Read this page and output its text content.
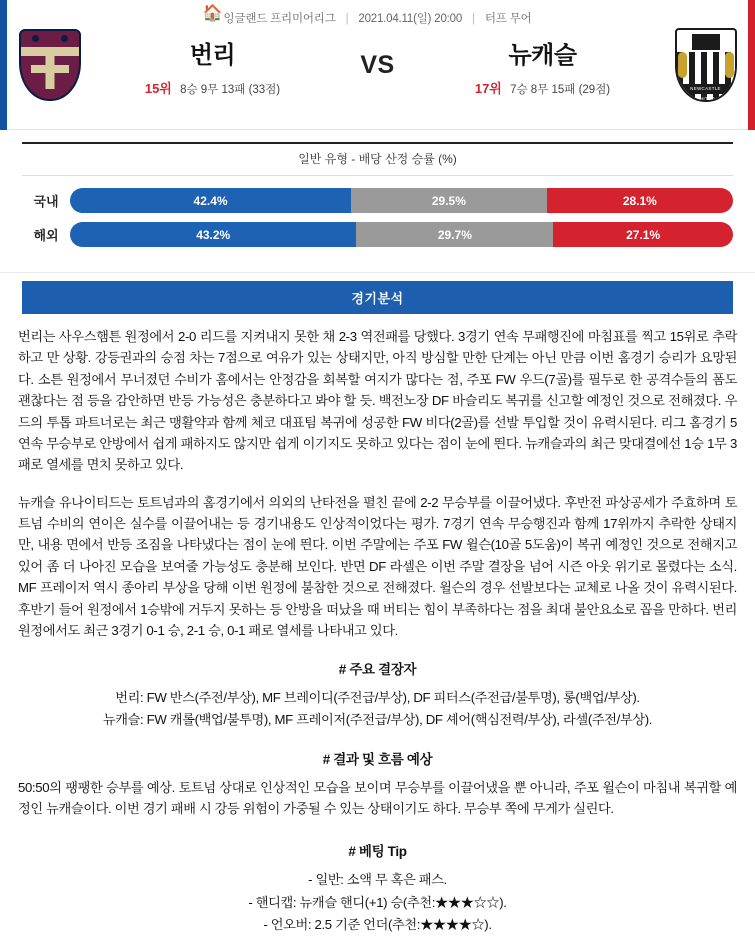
잉글랜드 프리미어리그 | 2021.04.11(일) 20:00 | 터프 무어
🏠
번리
15위 8승 9무 13패 (33점)
VS	뉴캐슬
17위 7승 8무 15패 (29점)	NEWCASTLE UNITED
일반 유형 - 배당 산정 승률 (%)
국내	42.4%	29.5%	28.1%
해외	43.2%	29.7%	27.1%
경기분석

번리는 사우스햄튼 원정에서 2-0 리드를 지켜내지 못한 채 2-3 역전패를 당했다. 3경기 연속 무패행진에 마침표를 찍고 15위로 추락하고 만 상황. 강등권과의 승점 차는 7점으로 여유가 있는 상태지만, 아직 방심할 만한 단계는 아닌 만큼 이번 홈경기 승리가 요망된다. 소튼 원정에서 무너졌던 수비가 홈에서는 안정감을 회복할 여지가 많다는 점, 주포 FW 우드(7골)를 필두로 한 공격수들의 폼도 괜찮다는 점 등을 감안하면 반등 가능성은 충분하다고 봐야 할 듯. 백전노장 DF 바슬리도 복귀를 신고할 예정인 것으로 전해졌다. 우드의 투톱 파트너로는 최근 맹활약과 함께 체코 대표팀 복귀에 성공한 FW 비다(2골)를 선발 투입할 것이 유력시된다. 리그 홈경기 5연속 무승부로 안방에서 쉽게 패하지도 않지만 쉽게 이기지도 못하고 있다는 점이 눈에 띈다. 뉴캐슬과의 최근 맞대결에선 1승 1무 3패로 열세를 면치 못하고 있다.

뉴캐슬 유나이티드는 토트넘과의 홈경기에서 의외의 난타전을 펼친 끝에 2-2 무승부를 이끌어냈다. 후반전 파상공세가 주효하며 토트넘 수비의 연이은 실수를 이끌어내는 등 경기내용도 인상적이었다는 평가. 7경기 연속 무승행진과 함께 17위까지 추락한 상태지만, 내용 면에서 반등 조짐을 나타냈다는 점이 눈에 띈다. 이번 주말에는 주포 FW 윌슨(10골 5도움)이 복귀 예정인 것으로 전해지고 있어 좀 더 나아진 모습을 보여줄 가능성도 충분해 보인다. 반면 DF 라셀은 이번 주말 결장을 넘어 시즌 아웃 위기로 몰렸다는 소식. MF 프레이저 역시 종아리 부상을 당해 이번 원정에 불참한 것으로 전해졌다. 윌슨의 경우 선발보다는 교체로 나올 것이 유력시된다. 후반기 들어 원정에서 1승밖에 거두지 못하는 등 안방을 떠났을 때 버티는 힘이 부족하다는 점을 최대 불안요소로 꼽을 만하다. 번리 원정에서도 최근 3경기 0-1 승, 2-1 승, 0-1 패로 열세를 나타내고 있다.

# 주요 결장자

번리: FW 반스(주전/부상), MF 브레이디(주전급/부상), DF 피터스(주전급/불투명), 롱(백업/부상).

뉴캐슬: FW 캐롤(백업/불투명), MF 프레이저(주전급/부상), DF 셰어(핵심전력/부상), 라셀(주전/부상).

# 결과 및 흐름 예상

50:50의 팽팽한 승부를 예상. 토트넘 상대로 인상적인 모습을 보이며 무승부를 이끌어냈을 뿐 아니라, 주포 윌슨이 마침내 복귀할 예정인 뉴캐슬이다. 이번 경기 패배 시 강등 위험이 가중될 수 있는 상태이기도 하다. 무승부 쪽에 무게가 실린다.

# 베팅 Tip

- 일반: 소액 무 혹은 패스.

- 핸디캡: 뉴캐슬 핸디(+1) 승(추천:★★★☆☆).

- 언오버: 2.5 기준 언더(추천:★★★★☆).
